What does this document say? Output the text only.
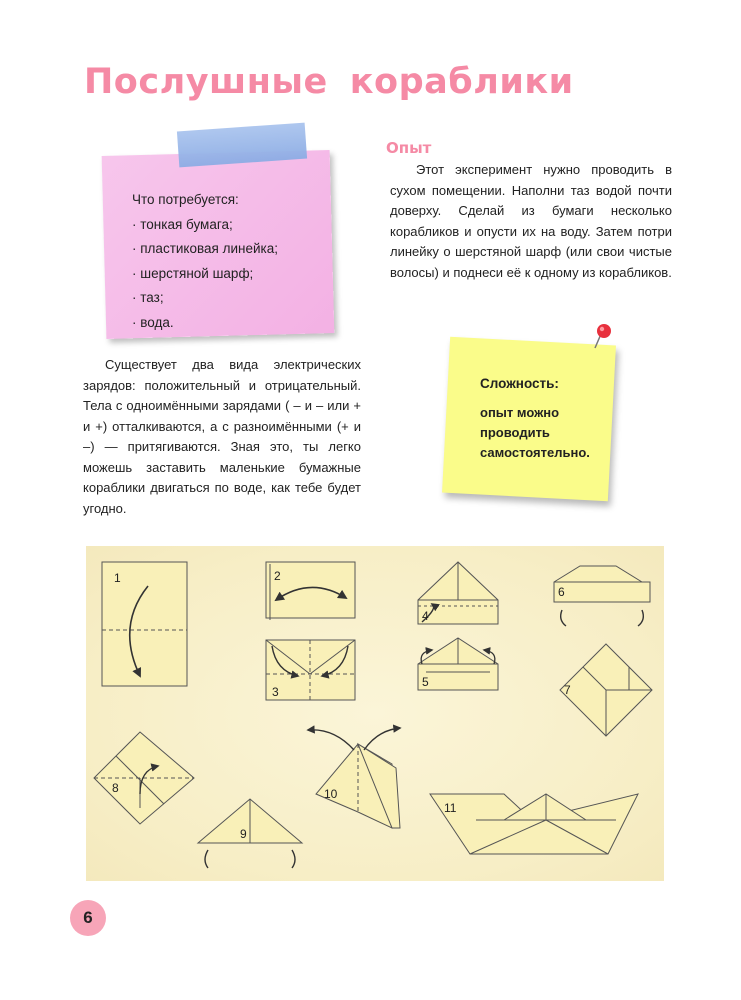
Послушные кораблики
Что потребуется:
· тонкая бумага;
· пластиковая линейка;
· шерстяной шарф;
· таз;
· вода.
Опыт
Этот эксперимент нужно проводить в сухом помещении. Наполни таз водой почти доверху. Сделай из бумаги несколько корабликов и опусти их на воду. Затем потри линейку о шерстяной шарф (или свои чистые волосы) и поднеси её к одному из корабликов.
Сложность:
опыт можно
проводить
самостоятельно.
Существует два вида электрических зарядов: положительный и отрицательный. Тела с одноимёнными зарядами ( – и – или + и +) отталкиваются, а с разноимёнными (+ и –) — притягиваются. Зная это, ты легко можешь заставить маленькие бумажные кораблики двигаться по воде, как тебе будет угодно.
1	2
3
4
5
6
7
8
9
10
11
6
